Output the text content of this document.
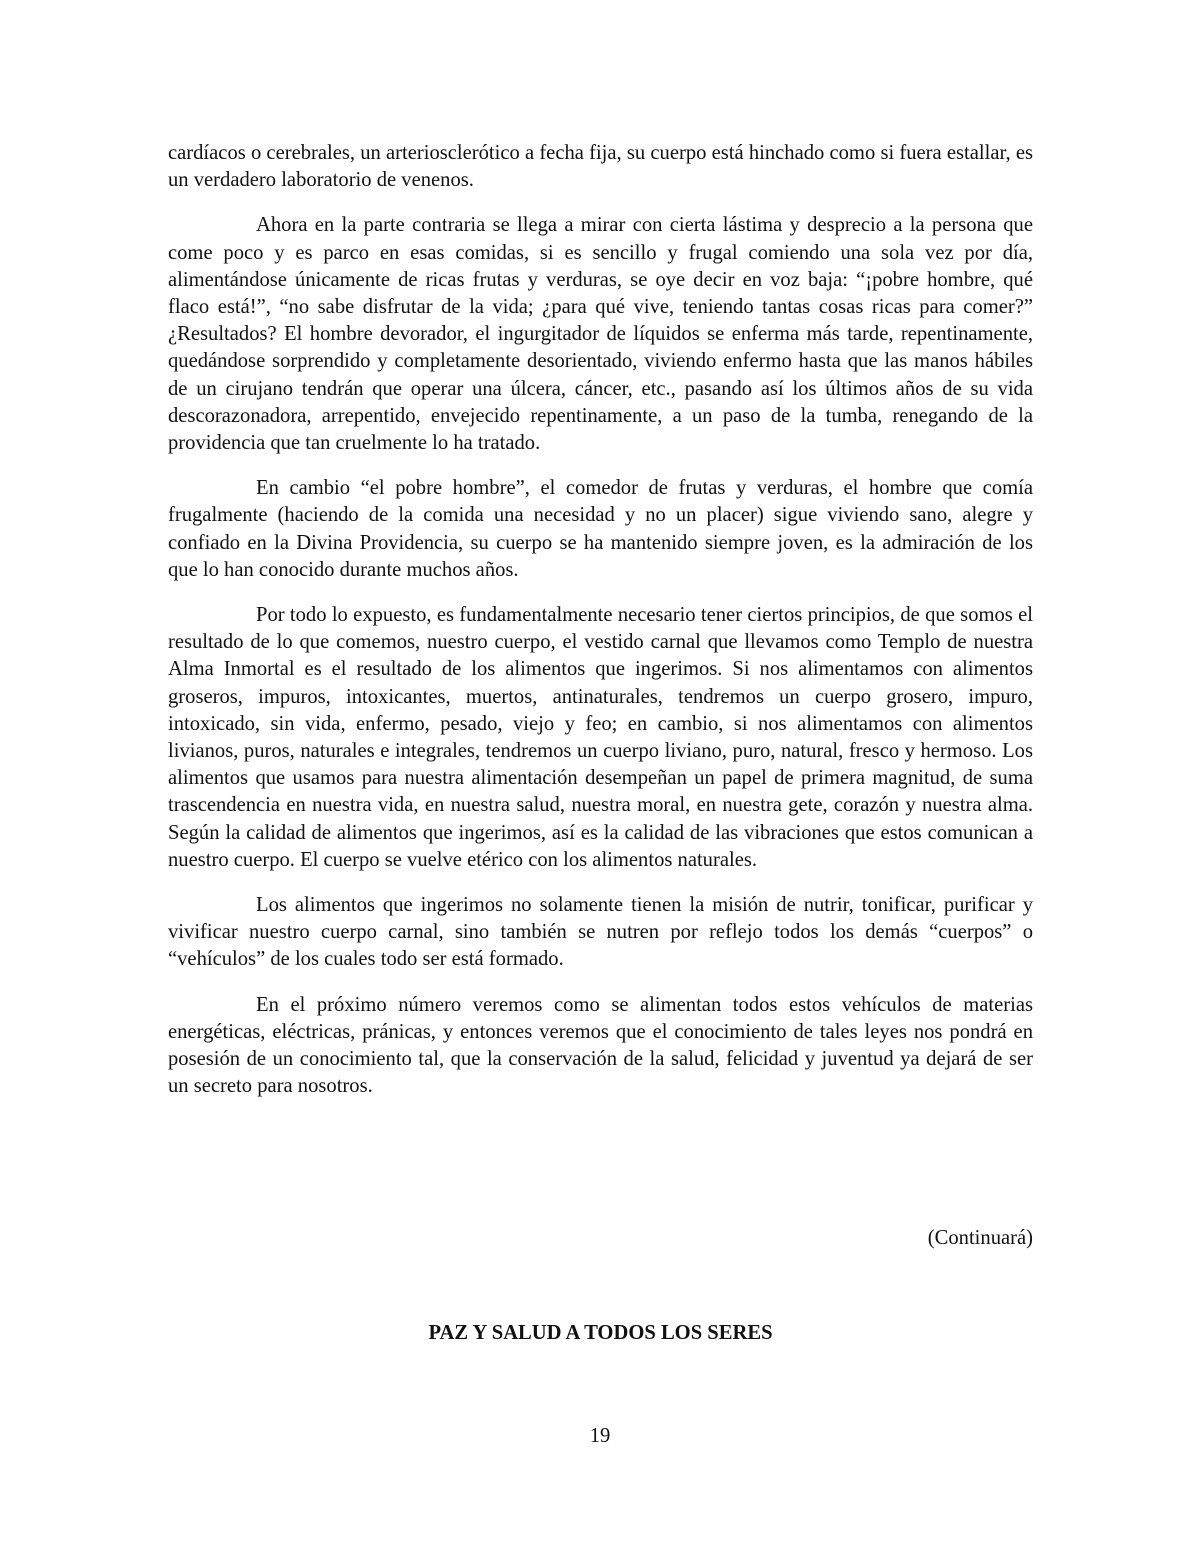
cardíacos o cerebrales, un arteriosclerótico a fecha fija, su cuerpo está hinchado como si fuera estallar, es un verdadero laboratorio de venenos.

Ahora en la parte contraria se llega a mirar con cierta lástima y desprecio a la persona que come poco y es parco en esas comidas, si es sencillo y frugal comiendo una sola vez por día, alimentándose únicamente de ricas frutas y verduras, se oye decir en voz baja: “¡pobre hombre, qué flaco está!”, “no sabe disfrutar de la vida; ¿para qué vive, teniendo tantas cosas ricas para comer?” ¿Resultados? El hombre devorador, el ingurgitador de líquidos se enferma más tarde, repentinamente, quedándose sorprendido y completamente desorientado, viviendo enfermo hasta que las manos hábiles de un cirujano tendrán que operar una úlcera, cáncer, etc., pasando así los últimos años de su vida descorazonadora, arrepentido, envejecido repentinamente, a un paso de la tumba, renegando de la providencia que tan cruelmente lo ha tratado.

En cambio “el pobre hombre”, el comedor de frutas y verduras, el hombre que comía frugalmente (haciendo de la comida una necesidad y no un placer) sigue viviendo sano, alegre y confiado en la Divina Providencia, su cuerpo se ha mantenido siempre joven, es la admiración de los que lo han conocido durante muchos años.

Por todo lo expuesto, es fundamentalmente necesario tener ciertos principios, de que somos el resultado de lo que comemos, nuestro cuerpo, el vestido carnal que llevamos como Templo de nuestra Alma Inmortal es el resultado de los alimentos que ingerimos. Si nos alimentamos con alimentos groseros, impuros, intoxicantes, muertos, antinaturales, tendremos un cuerpo grosero, impuro, intoxicado, sin vida, enfermo, pesado, viejo y feo; en cambio, si nos alimentamos con alimentos livianos, puros, naturales e integrales, tendremos un cuerpo liviano, puro, natural, fresco y hermoso. Los alimentos que usamos para nuestra alimentación desempeñan un papel de primera magnitud, de suma trascendencia en nuestra vida, en nuestra salud, nuestra moral, en nuestra gete, corazón y nuestra alma. Según la calidad de alimentos que ingerimos, así es la calidad de las vibraciones que estos comunican a nuestro cuerpo. El cuerpo se vuelve etérico con los alimentos naturales.

Los alimentos que ingerimos no solamente tienen la misión de nutrir, tonificar, purificar y vivificar nuestro cuerpo carnal, sino también se nutren por reflejo todos los demás “cuerpos” o “vehículos” de los cuales todo ser está formado.

En el próximo número veremos como se alimentan todos estos vehículos de materias energéticas, eléctricas, pránicas, y entonces veremos que el conocimiento de tales leyes nos pondrá en posesión de un conocimiento tal, que la conservación de la salud, felicidad y juventud ya dejará de ser un secreto para nosotros.

(Continuará)
PAZ Y SALUD A TODOS LOS SERES
19
